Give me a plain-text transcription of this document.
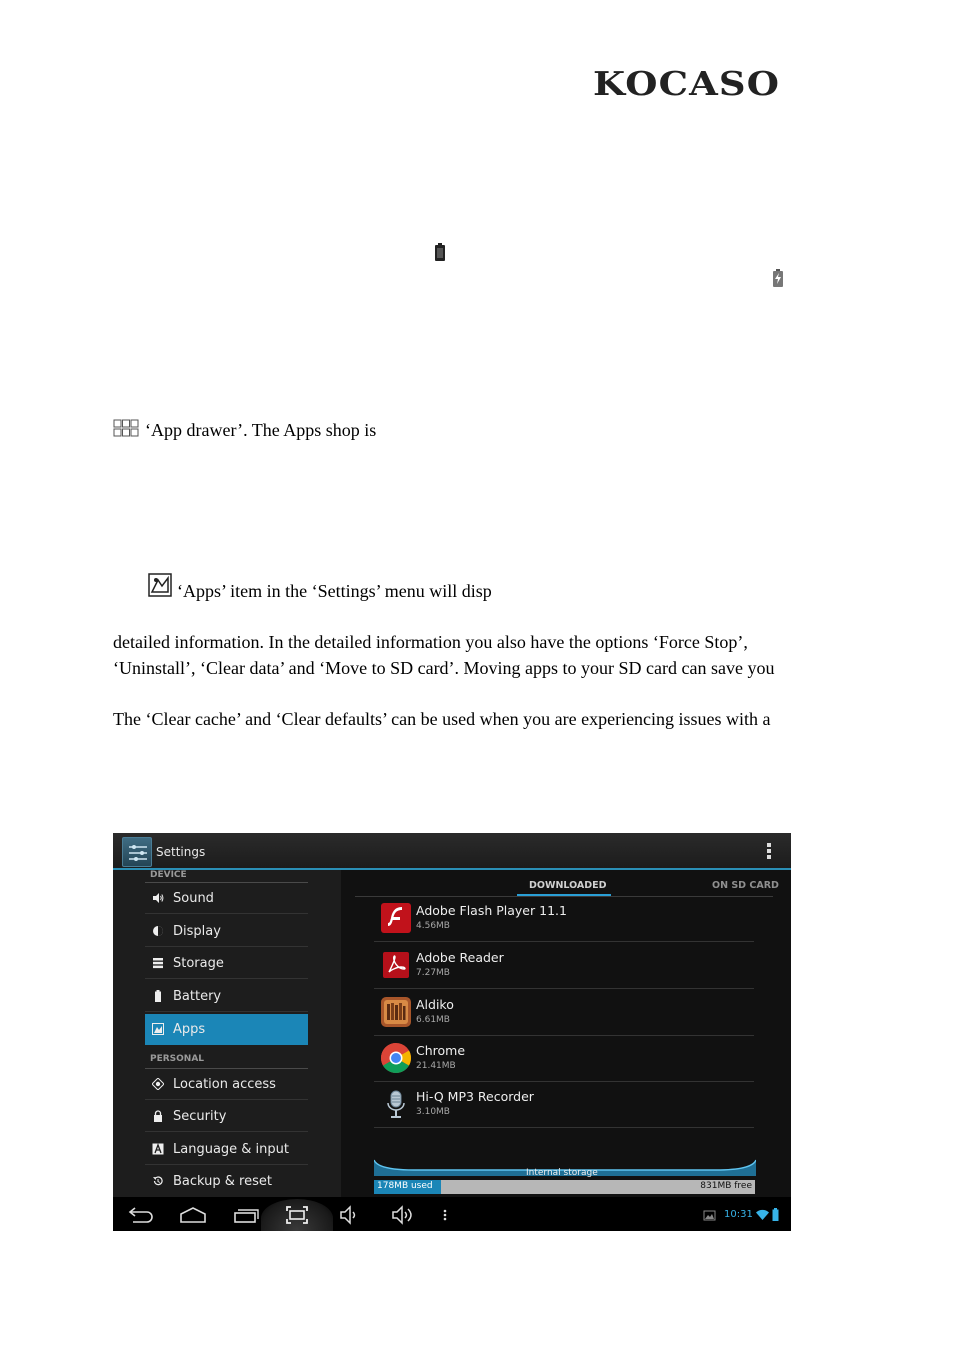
KOCASO
‘App drawer’. The Apps shop is
‘Apps’ item in the ‘Settings’ menu will disp
detailed information. In the detailed information you also have the options ‘Force Stop’,
‘Uninstall’, ‘Clear data’ and ‘Move to SD card’. Moving apps to your SD card can save you
The ‘Clear cache’ and ‘Clear defaults’ can be used when you are experiencing issues with a
Settings
DEVICE
Sound
Display
Storage
Battery
Apps
PERSONAL
Location access
Security
Language & input
Backup & reset
DOWNLOADED	ON SD CARD
Adobe Flash Player 11.1
4.56MB
Adobe Reader
7.27MB
Aldiko
6.61MB
Chrome
21.41MB
Hi-Q MP3 Recorder
3.10MB
Internal storage
178MB used	831MB free
10:31
